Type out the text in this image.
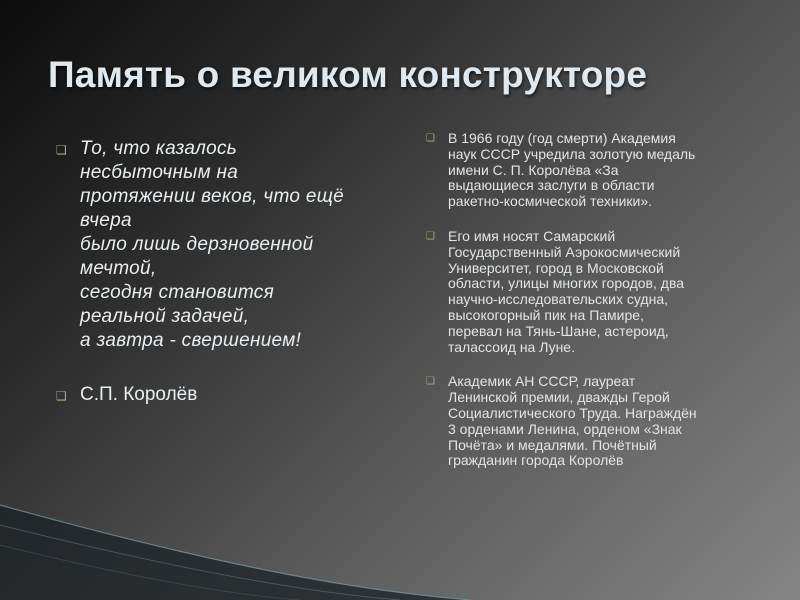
Память о великом конструкторе
❑ То, что казалось
несбыточным на
протяжении веков, что ещё
вчера
было лишь дерзновенной
мечтой,
сегодня становится
реальной задачей,
а завтра - свершением!
❑ С.П. Королёв
❑ В 1966 году (год смерти) Академия
наук СССР учредила золотую медаль
имени С. П. Королёва «За
выдающиеся заслуги в области
ракетно-космической техники».
❑ Его имя носят Самарский
Государственный Аэрокосмический
Университет, город в Московской
области, улицы многих городов, два
научно-исследовательских судна,
высокогорный пик на Памире,
перевал на Тянь-Шане, астероид,
талассоид на Луне.
❑ Академик АН СССР, лауреат
Ленинской премии, дважды Герой
Социалистического Труда. Награждён
3 орденами Ленина, орденом «Знак
Почёта» и медалями. Почётный
гражданин города Королёв
